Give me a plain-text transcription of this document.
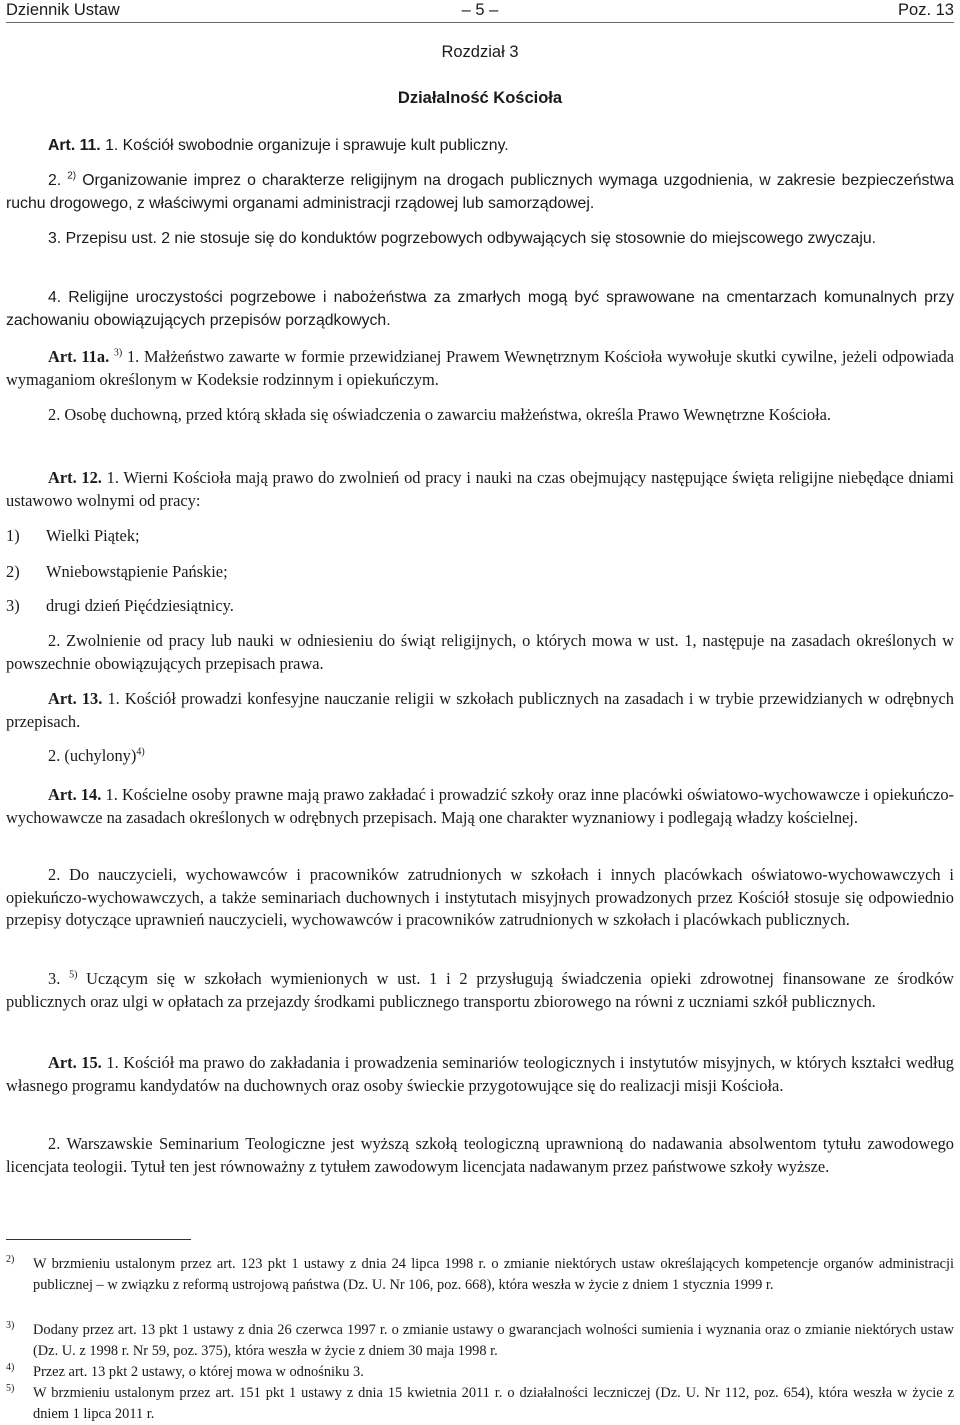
Dziennik Ustaw	– 5 –	Poz. 13
Rozdział 3
Działalność Kościoła

Art. 11. 1. Kościół swobodnie organizuje i sprawuje kult publiczny.

2. $^{2)}$ Organizowanie imprez o charakterze religijnym na drogach publicznych wymaga uzgodnienia, w zakresie bezpieczeństwa ruchu drogowego, z właściwymi organami administracji rządowej lub samorządowej.

3. Przepisu ust. 2 nie stosuje się do konduktów pogrzebowych odbywających się stosownie do miejscowego zwyczaju.

4. Religijne uroczystości pogrzebowe i nabożeństwa za zmarłych mogą być sprawowane na cmentarzach komunalnych przy zachowaniu obowiązujących przepisów porządkowych.

Art. 11a. $^{3)}$ 1. Małżeństwo zawarte w formie przewidzianej Prawem Wewnętrznym Kościoła wywołuje skutki cywilne, jeżeli odpowiada wymaganiom określonym w Kodeksie rodzinnym i opiekuńczym.

2. Osobę duchowną, przed którą składa się oświadczenia o zawarciu małżeństwa, określa Prawo Wewnętrzne Kościoła.

Art. 12. 1. Wierni Kościoła mają prawo do zwolnień od pracy i nauki na czas obejmujący następujące święta religijne niebędące dniami ustawowo wolnymi od pracy:

1) Wielki Piątek;
2) Wniebowstąpienie Pańskie;
3) drugi dzień Pięćdziesiątnicy.

2. Zwolnienie od pracy lub nauki w odniesieniu do świąt religijnych, o których mowa w ust. 1, następuje na zasadach określonych w powszechnie obowiązujących przepisach prawa.

Art. 13. 1. Kościół prowadzi konfesyjne nauczanie religii w szkołach publicznych na zasadach i w trybie przewidzianych w odrębnych przepisach.

2. (uchylony)$^{4)}$

Art. 14. 1. Kościelne osoby prawne mają prawo zakładać i prowadzić szkoły oraz inne placówki oświatowo-wychowawcze i opiekuńczo-wychowawcze na zasadach określonych w odrębnych przepisach. Mają one charakter wyznaniowy i podlegają władzy kościelnej.

2. Do nauczycieli, wychowawców i pracowników zatrudnionych w szkołach i innych placówkach oświatowo-wychowawczych i opiekuńczo-wychowawczych, a także seminariach duchownych i instytutach misyjnych prowadzonych przez Kościół stosuje się odpowiednio przepisy dotyczące uprawnień nauczycieli, wychowawców i pracowników zatrudnionych w szkołach i placówkach publicznych.

3. $^{5)}$ Uczącym się w szkołach wymienionych w ust. 1 i 2 przysługują świadczenia opieki zdrowotnej finansowane ze środków publicznych oraz ulgi w opłatach za przejazdy środkami publicznego transportu zbiorowego na równi z uczniami szkół publicznych.

Art. 15. 1. Kościół ma prawo do zakładania i prowadzenia seminariów teologicznych i instytutów misyjnych, w których kształci według własnego programu kandydatów na duchownych oraz osoby świeckie przygotowujące się do realizacji misji Kościoła.

2. Warszawskie Seminarium Teologiczne jest wyższą szkołą teologiczną uprawnioną do nadawania absolwentom tytułu zawodowego licencjata teologii. Tytuł ten jest równoważny z tytułem zawodowym licencjata nadawanym przez państwowe szkoły wyższe.

2) W brzmieniu ustalonym przez art. 123 pkt 1 ustawy z dnia 24 lipca 1998 r. o zmianie niektórych ustaw określających kompetencje organów administracji publicznej – w związku z reformą ustrojową państwa (Dz. U. Nr 106, poz. 668), która weszła w życie z dniem 1 stycznia 1999 r.
3) Dodany przez art. 13 pkt 1 ustawy z dnia 26 czerwca 1997 r. o zmianie ustawy o gwarancjach wolności sumienia i wyznania oraz o zmianie niektórych ustaw (Dz. U. z 1998 r. Nr 59, poz. 375), która weszła w życie z dniem 30 maja 1998 r.
4) Przez art. 13 pkt 2 ustawy, o której mowa w odnośniku 3.
5) W brzmieniu ustalonym przez art. 151 pkt 1 ustawy z dnia 15 kwietnia 2011 r. o działalności leczniczej (Dz. U. Nr 112, poz. 654), która weszła w życie z dniem 1 lipca 2011 r.
